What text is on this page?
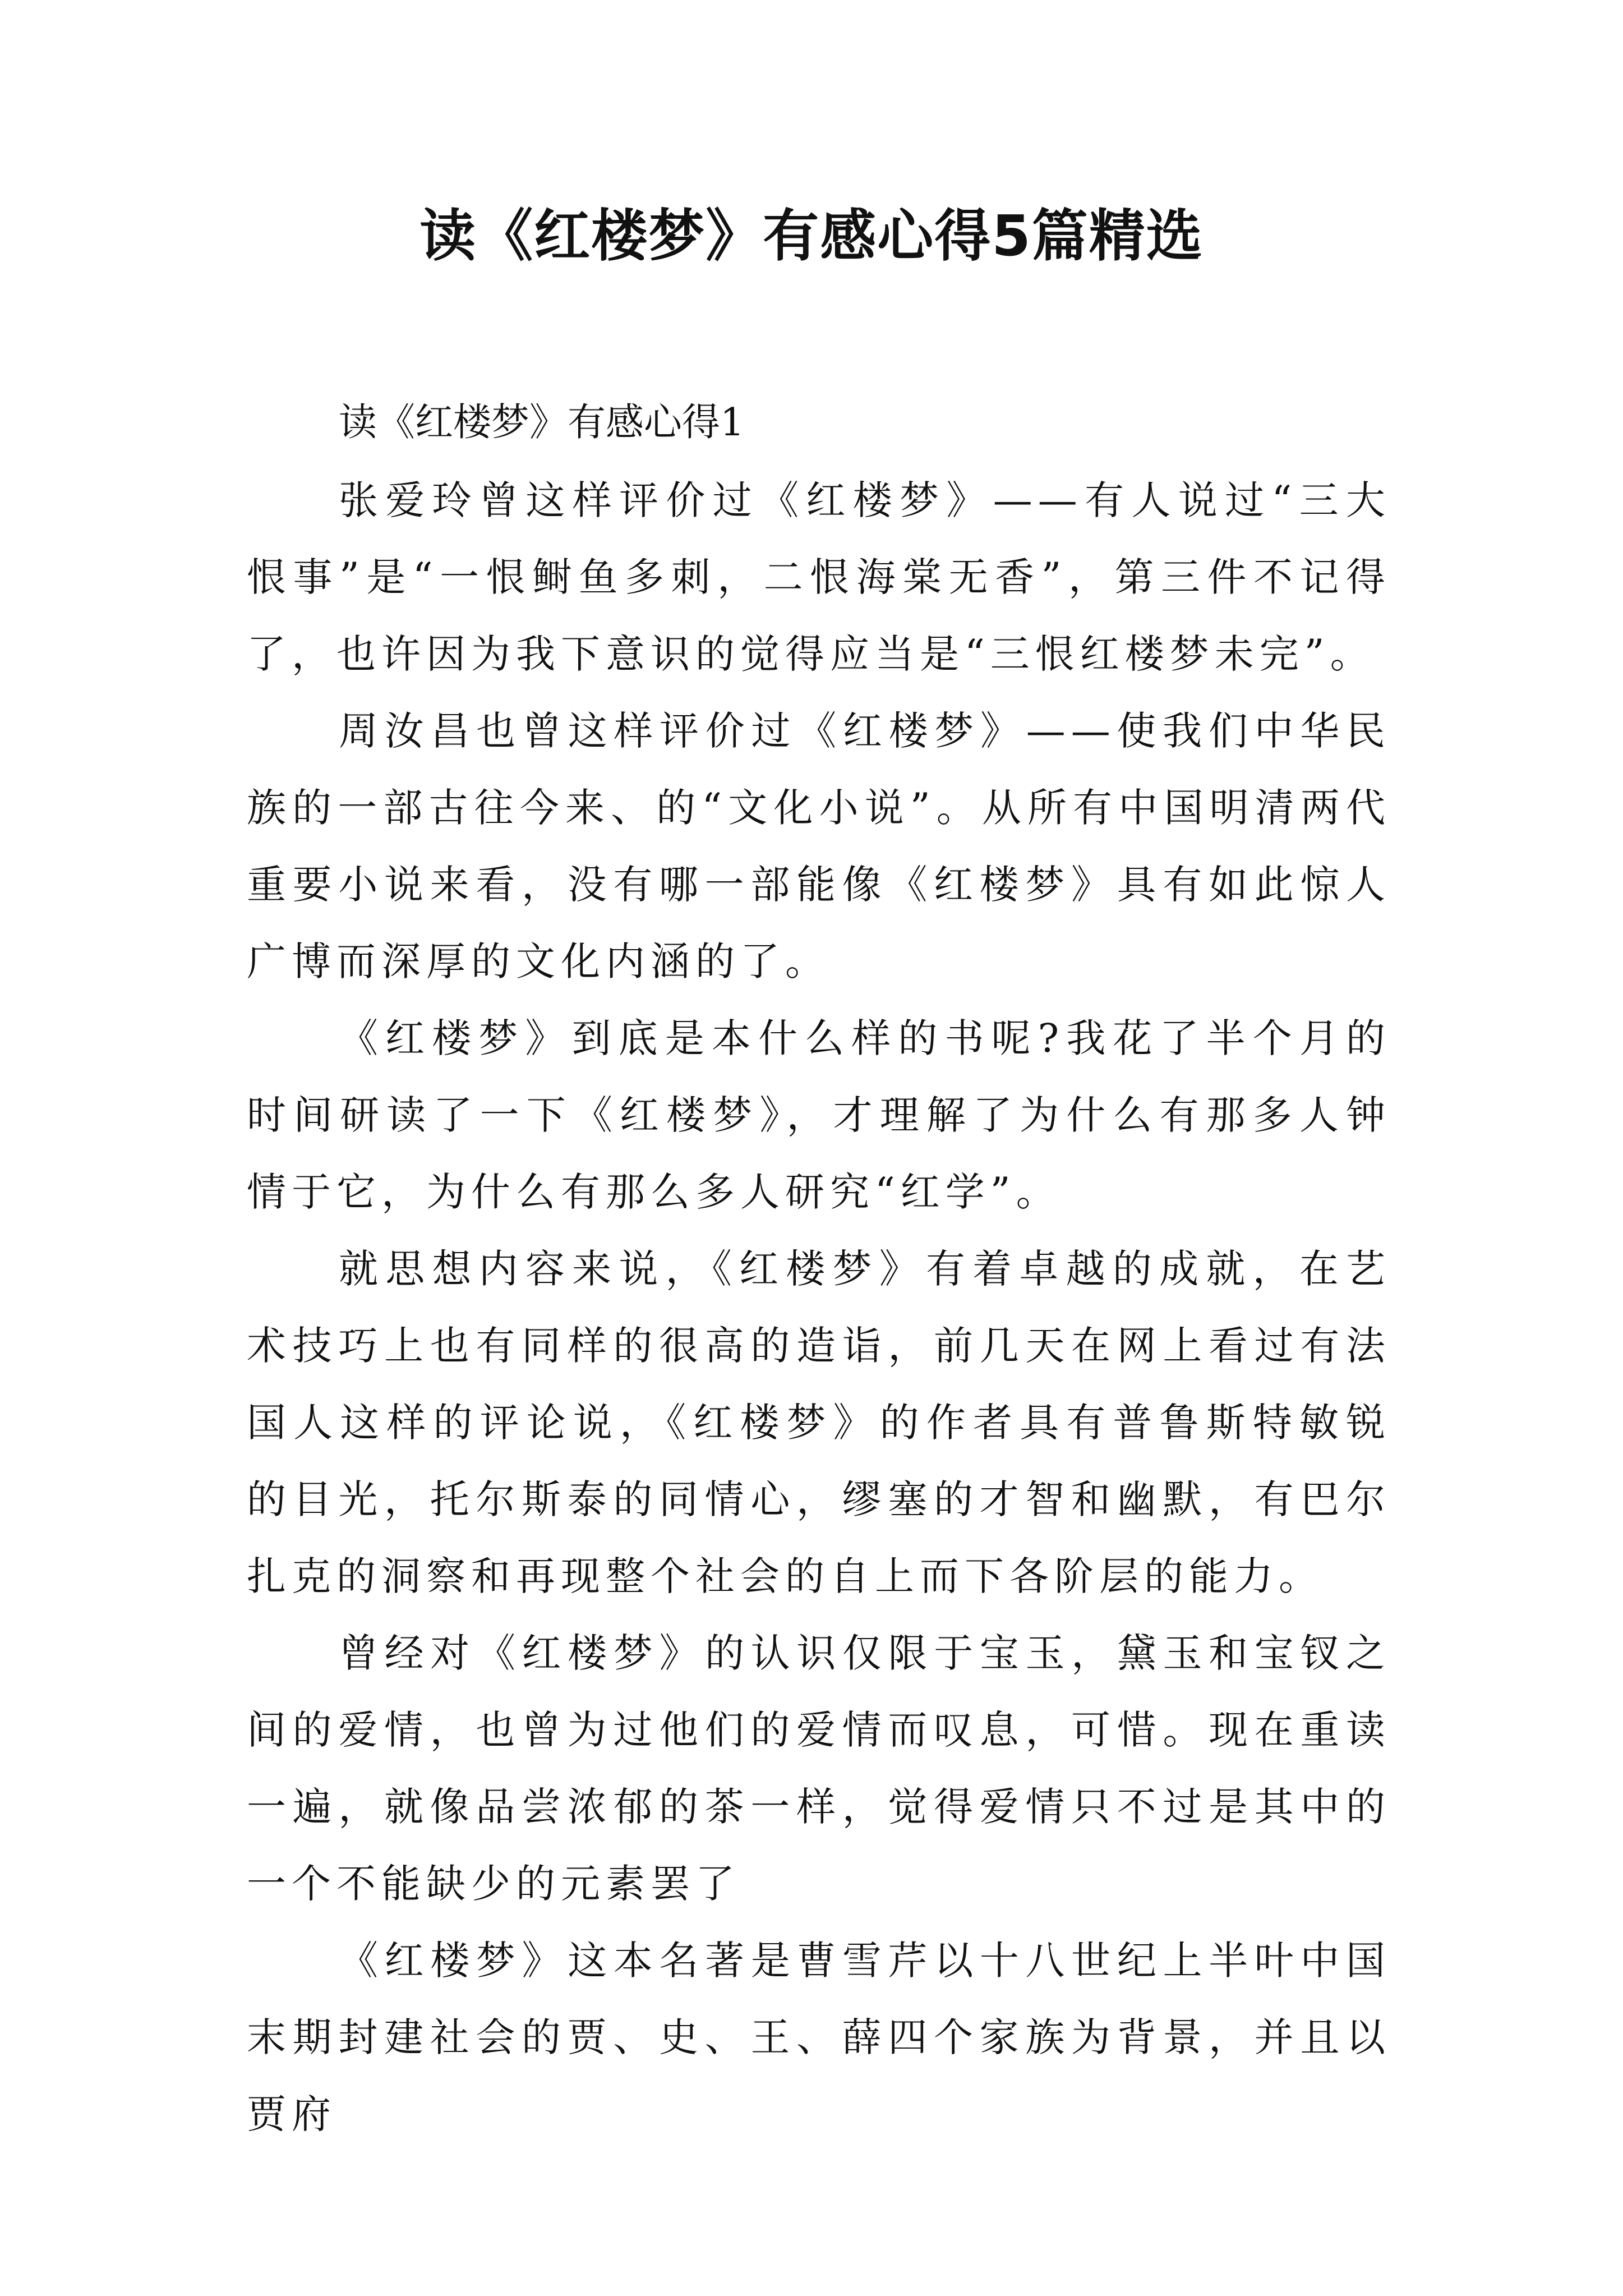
读《红楼梦》有感心得5篇精选

读《红楼梦》有感心得1

张爱玲曾这样评价过《红楼梦》——有人说过“三大恨事”是“一恨鲥鱼多刺，二恨海棠无香”，第三件不记得了，也许因为我下意识的觉得应当是“三恨红楼梦未完”。

周汝昌也曾这样评价过《红楼梦》——使我们中华民族的一部古往今来、的“文化小说”。从所有中国明清两代重要小说来看，没有哪一部能像《红楼梦》具有如此惊人广博而深厚的文化内涵的了。

《红楼梦》到底是本什么样的书呢?我花了半个月的时间研读了一下《红楼梦》，才理解了为什么有那多人钟情于它，为什么有那么多人研究“红学”。

就思想内容来说，《红楼梦》有着卓越的成就，在艺术技巧上也有同样的很高的造诣，前几天在网上看过有法国人这样的评论说，《红楼梦》的作者具有普鲁斯特敏锐的目光，托尔斯泰的同情心，缪塞的才智和幽默，有巴尔扎克的洞察和再现整个社会的自上而下各阶层的能力。

曾经对《红楼梦》的认识仅限于宝玉，黛玉和宝钗之间的爱情，也曾为过他们的爱情而叹息，可惜。现在重读一遍，就像品尝浓郁的茶一样，觉得爱情只不过是其中的一个不能缺少的元素罢了

《红楼梦》这本名著是曹雪芹以十八世纪上半叶中国末期封建社会的贾、史、王、薛四个家族为背景，并且以贾府
